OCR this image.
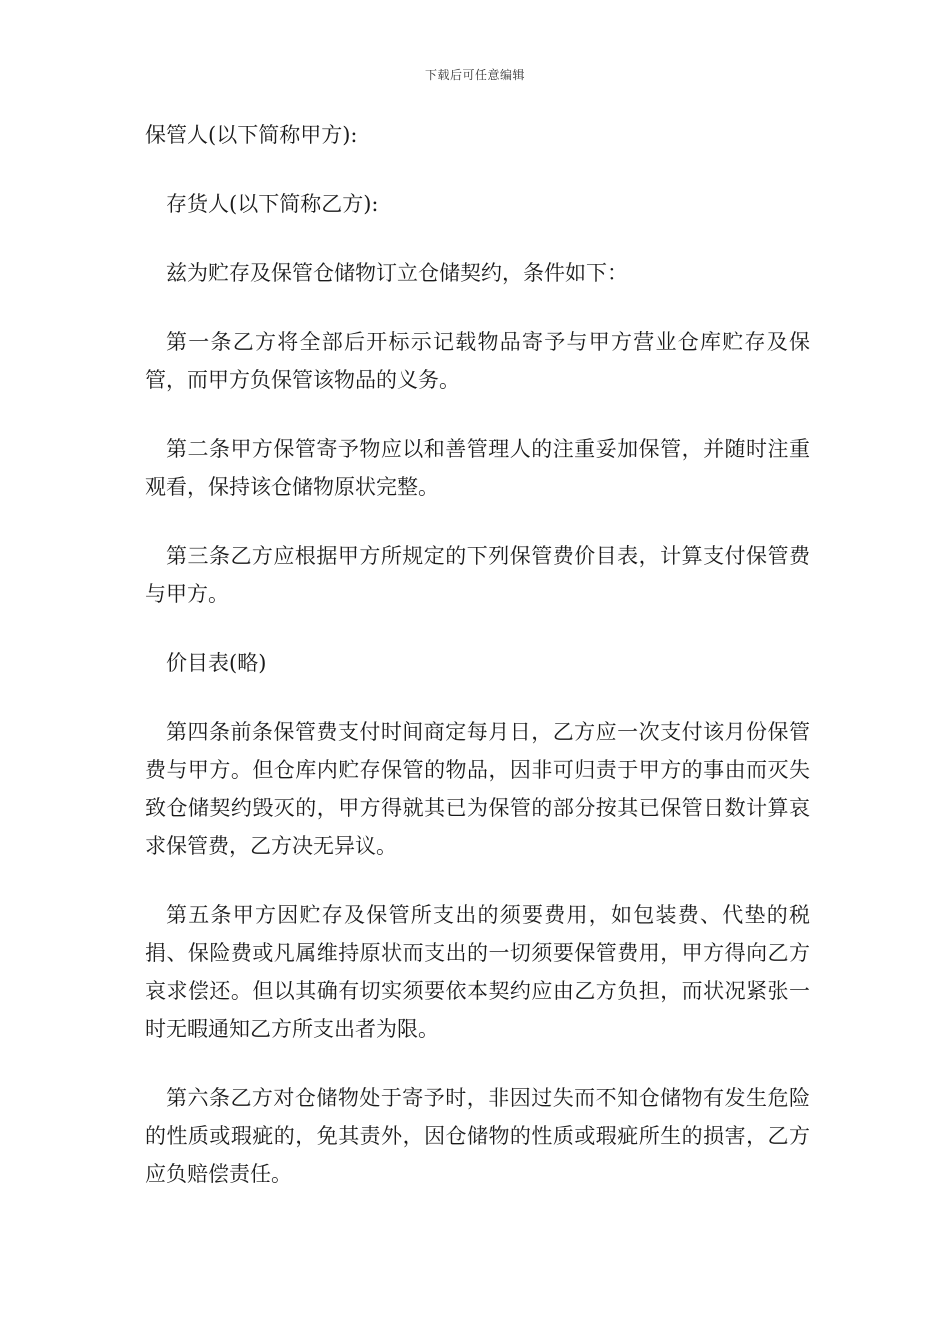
下载后可任意编辑

保管人(以下简称甲方):

存货人(以下简称乙方):

兹为贮存及保管仓储物订立仓储契约，条件如下：

第一条乙方将全部后开标示记载物品寄予与甲方营业仓库贮存及保管，而甲方负保管该物品的义务。

第二条甲方保管寄予物应以和善管理人的注重妥加保管，并随时注重观看，保持该仓储物原状完整。

第三条乙方应根据甲方所规定的下列保管费价目表，计算支付保管费与甲方。

价目表(略)

第四条前条保管费支付时间商定每月日，乙方应一次支付该月份保管费与甲方。但仓库内贮存保管的物品，因非可归责于甲方的事由而灭失致仓储契约毁灭的，甲方得就其已为保管的部分按其已保管日数计算哀求保管费，乙方决无异议。

第五条甲方因贮存及保管所支出的须要费用，如包装费、代垫的税捐、保险费或凡属维持原状而支出的一切须要保管费用，甲方得向乙方哀求偿还。但以其确有切实须要依本契约应由乙方负担，而状况紧张一时无暇通知乙方所支出者为限。

第六条乙方对仓储物处于寄予时，非因过失而不知仓储物有发生危险的性质或瑕疵的，免其责外，因仓储物的性质或瑕疵所生的损害，乙方应负赔偿责任。
